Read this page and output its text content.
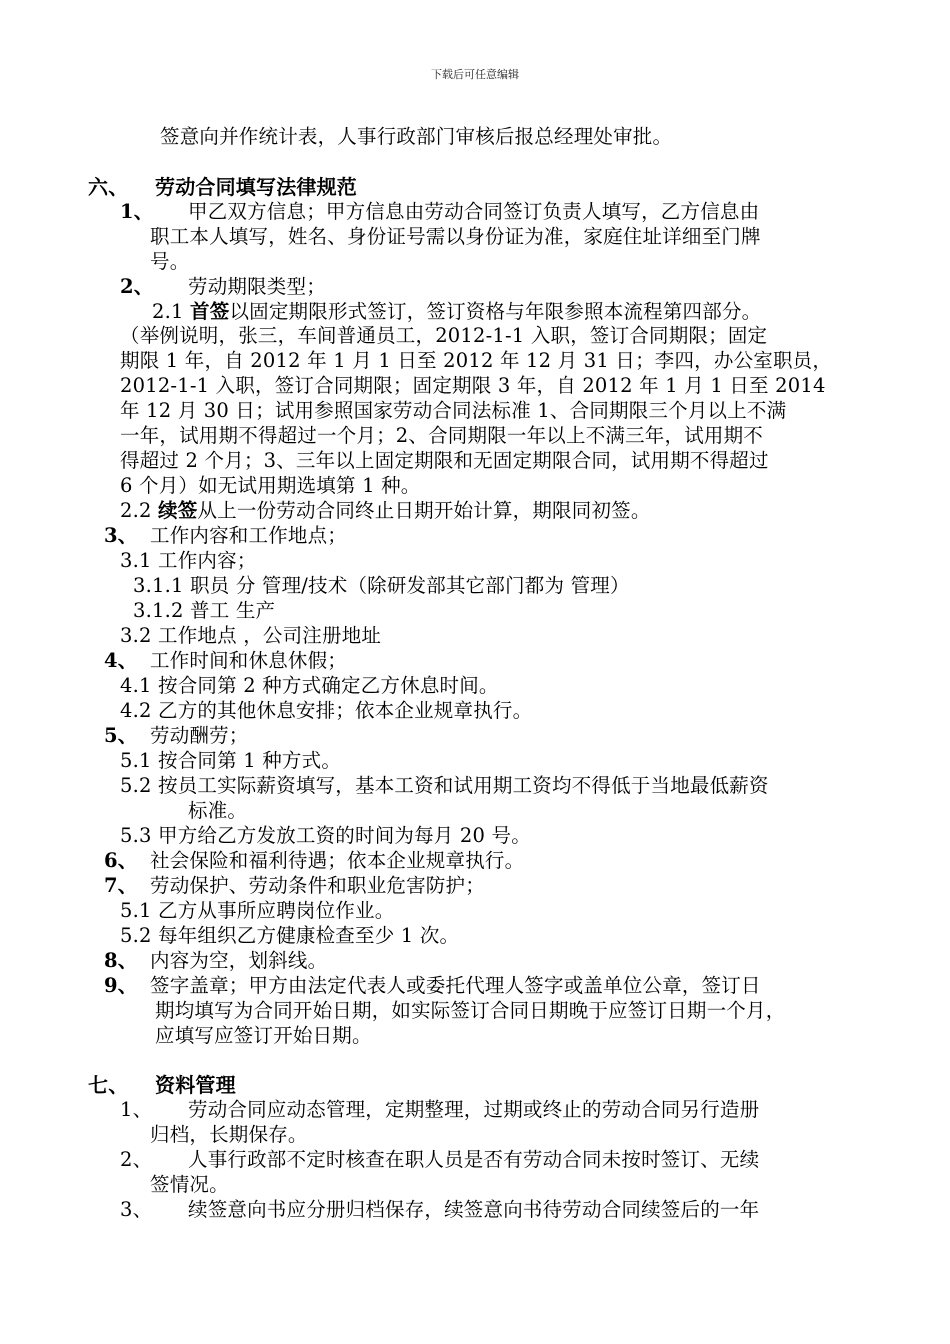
下载后可任意编辑
签意向并作统计表，人事行政部门审核后报总经理处审批。
六、 劳动合同填写法律规范
1、 甲乙双方信息；甲方信息由劳动合同签订负责人填写，乙方信息由
职工本人填写，姓名、身份证号需以身份证为准，家庭住址详细至门牌
号。
2、 劳动期限类型；
2.1 首签以固定期限形式签订，签订资格与年限参照本流程第四部分。
（举例说明，张三，车间普通员工，2012-1-1 入职，签订合同期限；固定
期限 1 年，自 2012 年 1 月 1 日至 2012 年 12 月 31 日；李四，办公室职员，
2012-1-1 入职，签订合同期限；固定期限 3 年，自 2012 年 1 月 1 日至 2014
年 12 月 30 日；试用参照国家劳动合同法标准 1、合同期限三个月以上不满
一年，试用期不得超过一个月；2、合同期限一年以上不满三年，试用期不
得超过 2 个月；3、三年以上固定期限和无固定期限合同，试用期不得超过
6 个月）如无试用期选填第 1 种。
2.2 续签从上一份劳动合同终止日期开始计算，期限同初签。
3、 工作内容和工作地点；
3.1 工作内容；
3.1.1 职员 分 管理/技术（除研发部其它部门都为 管理）
3.1.2 普工 生产
3.2 工作地点 ，公司注册地址
4、 工作时间和休息休假；
4.1 按合同第 2 种方式确定乙方休息时间。
4.2 乙方的其他休息安排；依本企业规章执行。
5、 劳动酬劳；
5.1 按合同第 1 种方式。
5.2 按员工实际薪资填写，基本工资和试用期工资均不得低于当地最低薪资
标准。
5.3 甲方给乙方发放工资的时间为每月 20 号。
6、 社会保险和福利待遇；依本企业规章执行。
7、 劳动保护、劳动条件和职业危害防护；
5.1 乙方从事所应聘岗位作业。
5.2 每年组织乙方健康检查至少 1 次。
8、 内容为空，划斜线。
9、 签字盖章；甲方由法定代表人或委托代理人签字或盖单位公章，签订日
期均填写为合同开始日期，如实际签订合同日期晚于应签订日期一个月，
应填写应签订开始日期。
七、 资料管理
1、 劳动合同应动态管理，定期整理，过期或终止的劳动合同另行造册
归档，长期保存。
2、 人事行政部不定时核查在职人员是否有劳动合同未按时签订、无续
签情况。
3、 续签意向书应分册归档保存，续签意向书待劳动合同续签后的一年
